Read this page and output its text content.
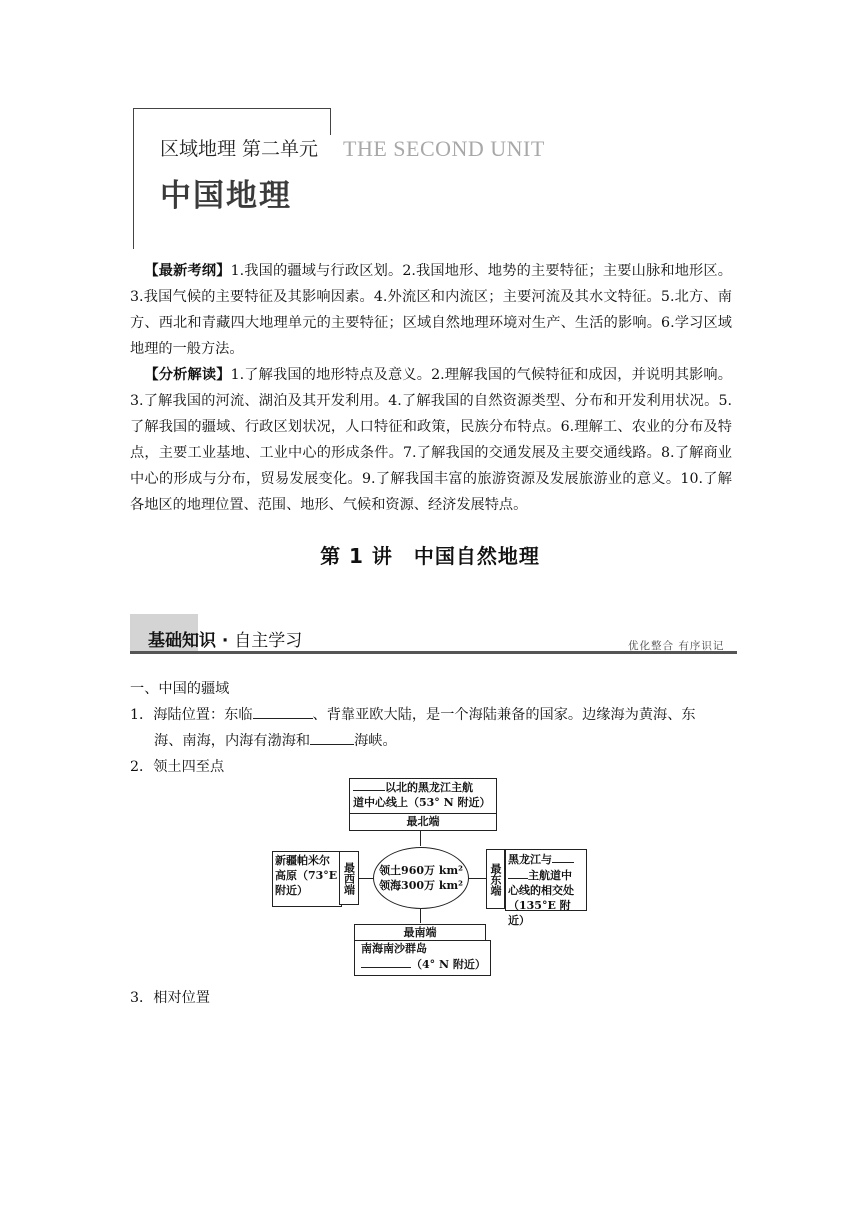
区域地理 第二单元 THE SECOND UNIT
中国地理
 【最新考纲】1.我国的疆域与行政区划。2.我国地形、地势的主要特征；主要山脉和地形区。3.我国气候的主要特征及其影响因素。4.外流区和内流区；主要河流及其水文特征。5.北方、南方、西北和青藏四大地理单元的主要特征；区域自然地理环境对生产、生活的影响。6.学习区域地理的一般方法。
 【分析解读】1.了解我国的地形特点及意义。2.理解我国的气候特征和成因，并说明其影响。3.了解我国的河流、湖泊及其开发利用。4.了解我国的自然资源类型、分布和开发利用状况。5.了解我国的疆域、行政区划状况，人口特征和政策，民族分布特点。6.理解工、农业的分布及特点，主要工业基地、工业中心的形成条件。7.了解我国的交通发展及主要交通线路。8.了解商业中心的形成与分布，贸易发展变化。9.了解我国丰富的旅游资源及发展旅游业的意义。10.了解各地区的地理位置、范围、地形、气候和资源、经济发展特点。
第 1 讲　中国自然地理
基础知识 · 自主学习	优化整合 有序识记
一、中国的疆域
1．海陆位置：东临	、背靠亚欧大陆，是一个海陆兼备的国家。边缘海为黄海、东
海、南海，内海有渤海和	海峡。
2．领土四至点
以北的黑龙江主航
道中心线上（53° N 附近）
最北端
新疆帕米尔高原（73°E附近）	最西端 领土960万 km²
领海300万 km² 最东端
黑龙江与
主航道中
心线的相交处
（135°E 附近）
最南端
南海南沙群岛
（4° N 附近）
3．相对位置
